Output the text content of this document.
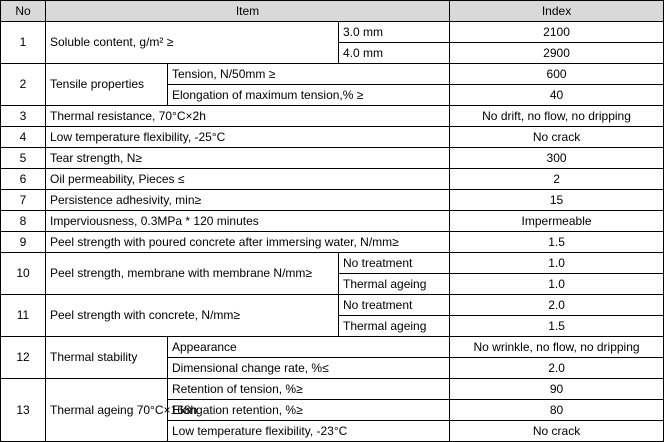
No	Item			Index
1	Soluble content, g/m² ≥		3.0 mm	2100
			4.0 mm	2900
2	Tensile properties	Tension, N/50mm ≥		600
		Elongation of maximum tension,% ≥		40
3	Thermal resistance, 70°C×2h			No drift, no flow, no dripping
4	Low temperature flexibility, -25°C			No crack
5	Tear strength, N≥			300
6	Oil permeability, Pieces ≤			2
7	Persistence adhesivity, min≥			15
8	Imperviousness, 0.3MPa * 120 minutes			Impermeable
9	Peel strength with poured concrete after immersing water, N/mm≥			1.5
10	Peel strength, membrane with membrane N/mm≥		No treatment	1.0
			Thermal ageing	1.0
11	Peel strength with concrete, N/mm≥		No treatment	2.0
			Thermal ageing	1.5
12	Thermal stability	Appearance		No wrinkle, no flow, no dripping
		Dimensional change rate, %≤		2.0
13	Thermal ageing 70°C×168h	Retention of tension, %≥		90
		Elongation retention, %≥		80
		Low temperature flexibility, -23°C		No crack
